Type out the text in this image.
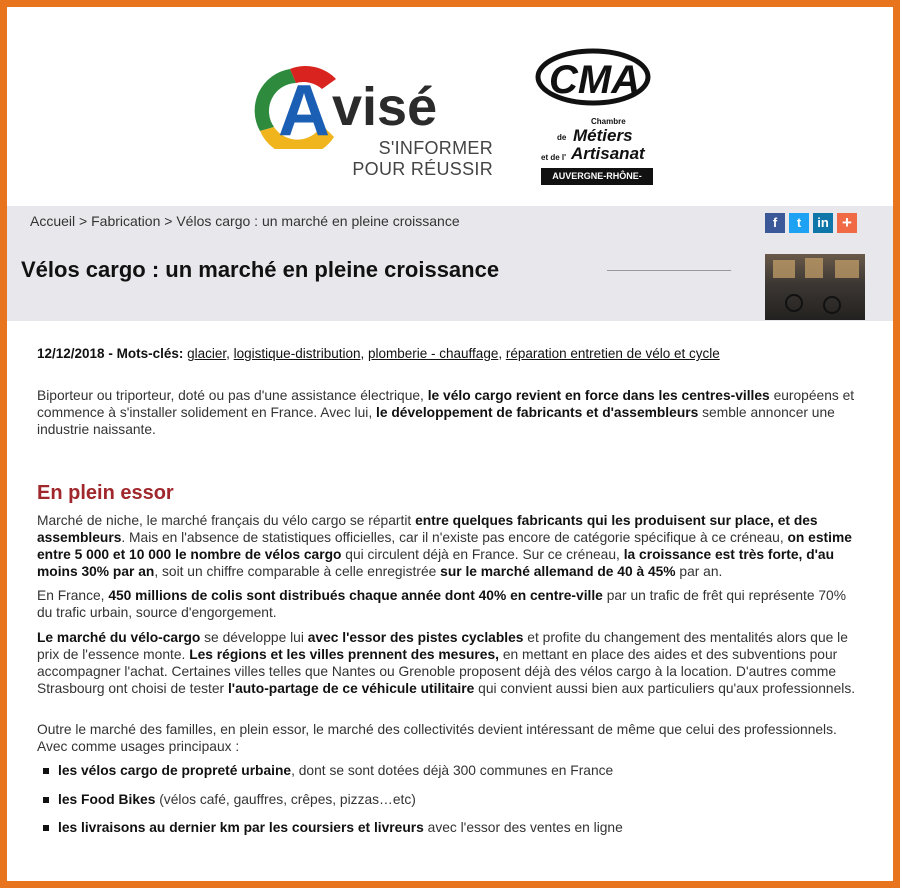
A visé
S'INFORMER
POUR RÉUSSIR
CMA
Chambre
de Métiers
et de l' Artisanat
AUVERGNE-RHÔNE-ALPES
Accueil > Fabrication > Vélos cargo : un marché en pleine croissance	f	t	in +
Vélos cargo : un marché en pleine croissance
12/12/2018 - Mots-clés: glacier, logistique-distribution, plomberie - chauffage, réparation entretien de vélo et cycle
Biporteur ou triporteur, doté ou pas d'une assistance électrique, le vélo cargo revient en force dans les centres-villes européens et commence à s'installer solidement en France. Avec lui, le développement de fabricants et d'assembleurs semble annoncer une industrie naissante.
En plein essor
Marché de niche, le marché français du vélo cargo se répartit entre quelques fabricants qui les produisent sur place, et des assembleurs. Mais en l'absence de statistiques officielles, car il n'existe pas encore de catégorie spécifique à ce créneau, on estime entre 5 000 et 10 000 le nombre de vélos cargo qui circulent déjà en France. Sur ce créneau, la croissance est très forte, d'au moins 30% par an, soit un chiffre comparable à celle enregistrée sur le marché allemand de 40 à 45% par an.
En France, 450 millions de colis sont distribués chaque année dont 40% en centre-ville par un trafic de frêt qui représente 70% du trafic urbain, source d'engorgement.
Le marché du vélo-cargo se développe lui avec l'essor des pistes cyclables et profite du changement des mentalités alors que le prix de l'essence monte. Les régions et les villes prennent des mesures, en mettant en place des aides et des subventions pour accompagner l'achat. Certaines villes telles que Nantes ou Grenoble proposent déjà des vélos cargo à la location. D'autres comme Strasbourg ont choisi de tester l'auto-partage de ce véhicule utilitaire qui convient aussi bien aux particuliers qu'aux professionnels.
Outre le marché des familles, en plein essor, le marché des collectivités devient intéressant de même que celui des professionnels. Avec comme usages principaux :
les vélos cargo de propreté urbaine, dont se sont dotées déjà 300 communes en France
les Food Bikes (vélos café, gauffres, crêpes, pizzas…etc)
les livraisons au dernier km par les coursiers et livreurs avec l'essor des ventes en ligne
